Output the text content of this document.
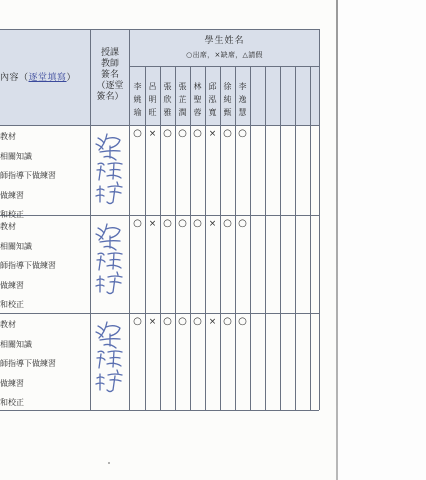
內容（逐堂填寫）
授課
教師
簽名
（逐堂
簽名）
學生姓名
○出席，×缺席，△請假
李姚瑜
呂明旺
張欣雅
張芷潤
林聖蓉
邱泓寬
徐純甄
李逸慧
教材
相關知識
師指導下做練習
做練習
和校正
○ × ○ ○ ○ × ○ ○
教材
相關知識
師指導下做練習
做練習
和校正
○ × ○ ○ ○ × ○ ○
教材
相關知識
師指導下做練習
做練習
和校正
○ × ○ ○ ○ × ○ ○
